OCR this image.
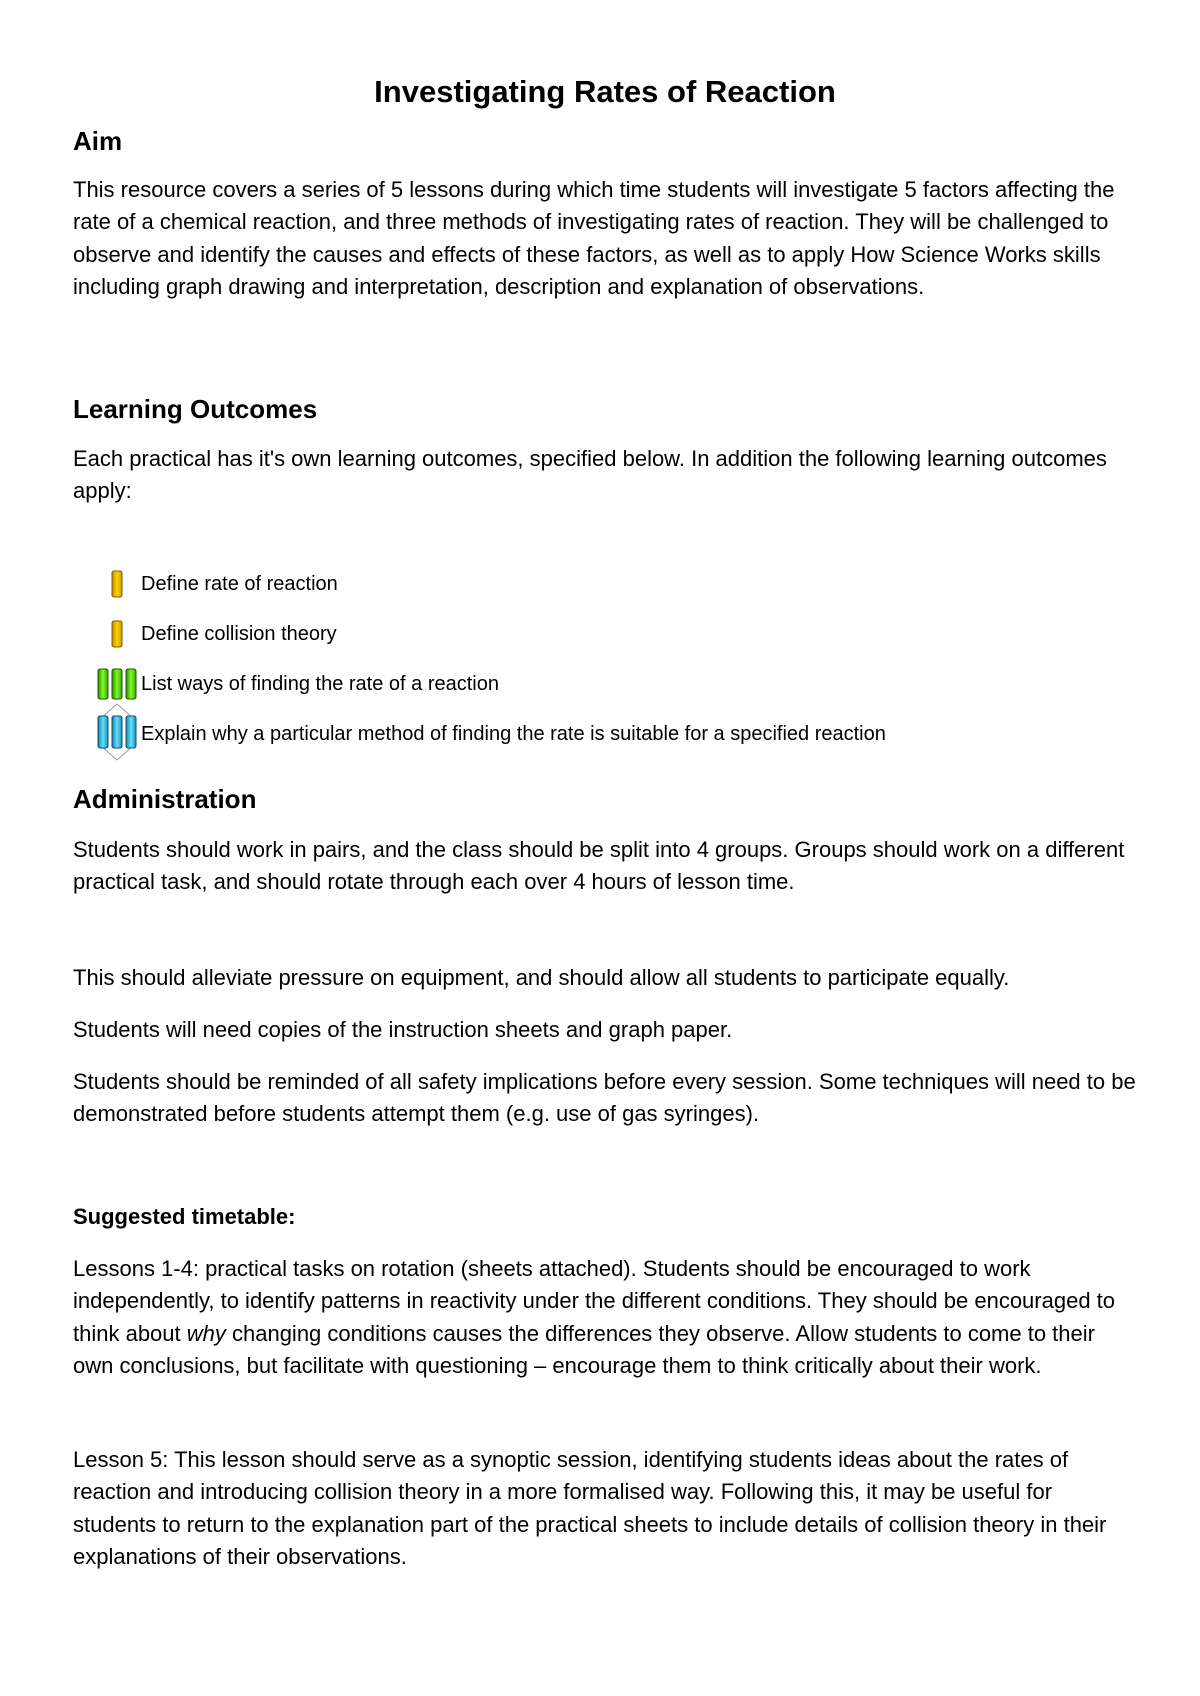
Investigating Rates of Reaction
Aim

This resource covers a series of 5 lessons during which time students will investigate 5 factors affecting the rate of a chemical reaction, and three methods of investigating rates of reaction. They will be challenged to observe and identify the causes and effects of these factors, as well as to apply How Science Works skills including graph drawing and interpretation, description and explanation of observations.

Learning Outcomes

Each practical has it's own learning outcomes, specified below. In addition the following learning outcomes apply:

Define rate of reaction
Define collision theory
List ways of finding the rate of a reaction
Explain why a particular method of finding the rate is suitable for a specified reaction
Administration

Students should work in pairs, and the class should be split into 4 groups. Groups should work on a different practical task, and should rotate through each over 4 hours of lesson time.

This should alleviate pressure on equipment, and should allow all students to participate equally.

Students will need copies of the instruction sheets and graph paper.

Students should be reminded of all safety implications before every session. Some techniques will need to be demonstrated before students attempt them (e.g. use of gas syringes).

Suggested timetable:

Lessons 1-4: practical tasks on rotation (sheets attached). Students should be encouraged to work independently, to identify patterns in reactivity under the different conditions. They should be encouraged to think about why changing conditions causes the differences they observe. Allow students to come to their own conclusions, but facilitate with questioning – encourage them to think critically about their work.

Lesson 5: This lesson should serve as a synoptic session, identifying students ideas about the rates of reaction and introducing collision theory in a more formalised way. Following this, it may be useful for students to return to the explanation part of the practical sheets to include details of collision theory in their explanations of their observations.
